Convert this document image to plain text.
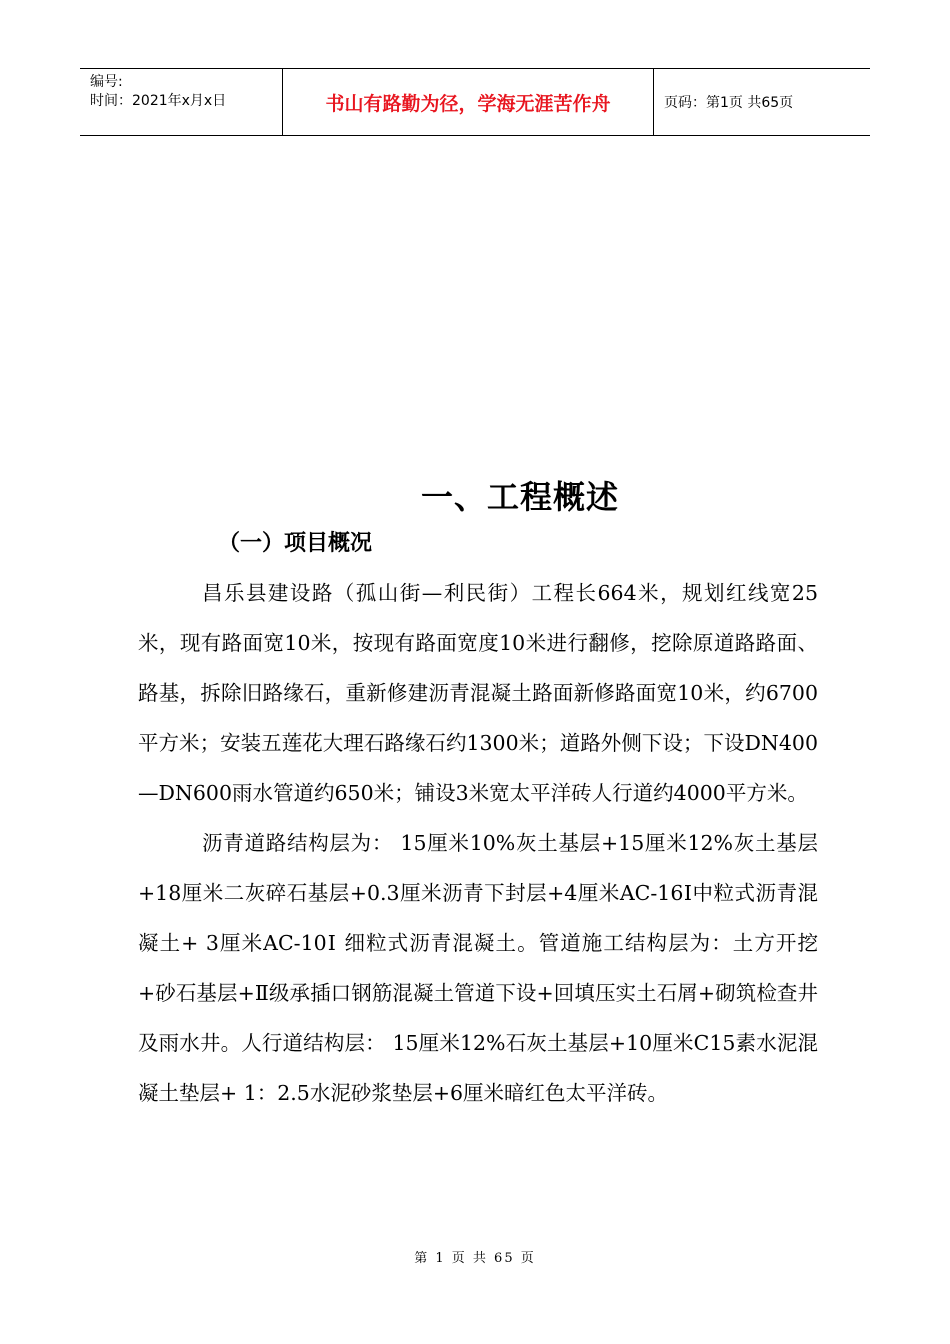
编号:
时间：2021年x月x日	书山有路勤为径，学海无涯苦作舟	页码：第1页 共65页
一、工程概述
（一）项目概况

昌乐县建设路（孤山街—利民街）工程长664米，规划红线宽25米，现有路面宽10米，按现有路面宽度10米进行翻修，挖除原道路路面、路基，拆除旧路缘石，重新修建沥青混凝土路面新修路面宽10米，约6700平方米；安装五莲花大理石路缘石约1300米；道路外侧下设；下设DN400—DN600雨水管道约650米；铺设3米宽太平洋砖人行道约4000平方米。

沥青道路结构层为： 15厘米10%灰土基层+15厘米12%灰土基层+18厘米二灰碎石基层+0.3厘米沥青下封层+4厘米AC-16Ⅰ中粒式沥青混凝土+ 3厘米AC-10Ⅰ 细粒式沥青混凝土。管道施工结构层为：土方开挖+砂石基层+Ⅱ级承插口钢筋混凝土管道下设+回填压实土石屑+砌筑检查井及雨水井。人行道结构层： 15厘米12%石灰土基层+10厘米C15素水泥混凝土垫层+ 1：2.5水泥砂浆垫层+6厘米暗红色太平洋砖。

第 1 页 共 65 页
